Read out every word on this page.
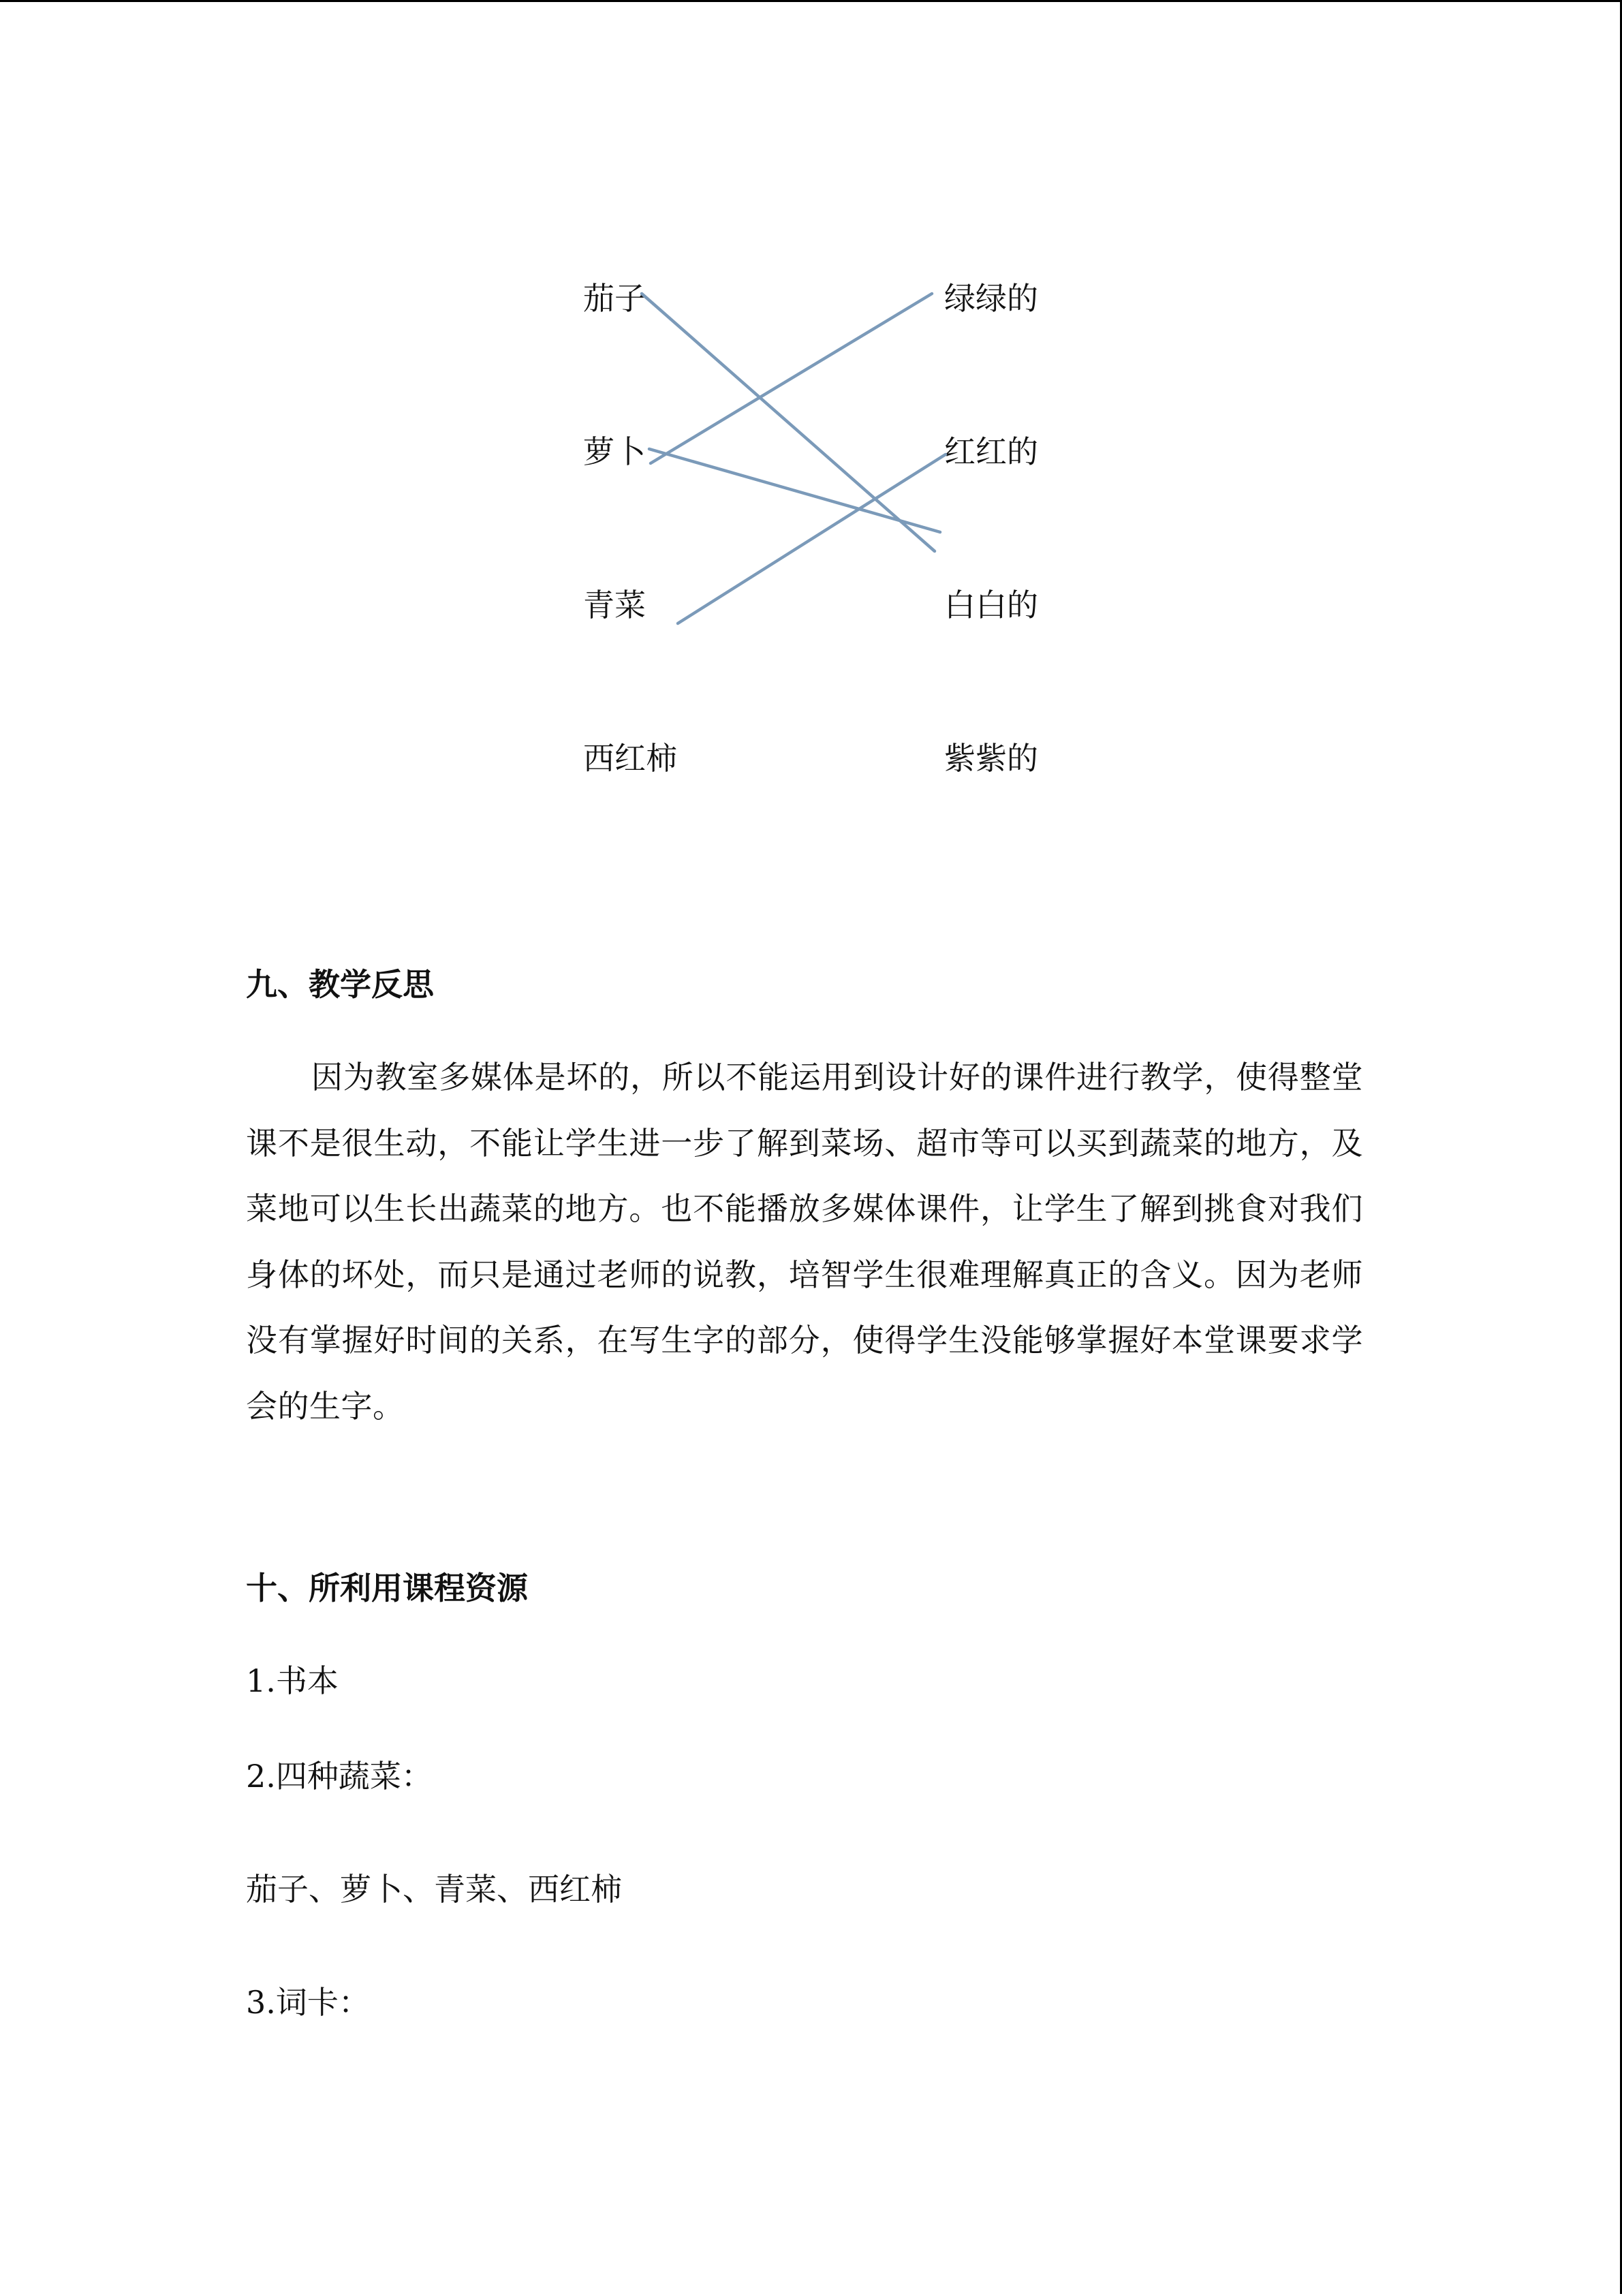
茄子
萝卜
青菜
西红柿
绿绿的
红红的
白白的
紫紫的
九、教学反思

因为教室多媒体是坏的，所以不能运用到设计好的课件进行教学，使得整堂课不是很生动，不能让学生进一步了解到菜场、超市等可以买到蔬菜的地方，及菜地可以生长出蔬菜的地方。也不能播放多媒体课件，让学生了解到挑食对我们身体的坏处，而只是通过老师的说教，培智学生很难理解真正的含义。因为老师没有掌握好时间的关系，在写生字的部分，使得学生没能够掌握好本堂课要求学会的生字。

十、所利用课程资源
1.书本
2.四种蔬菜：
茄子、萝卜、青菜、西红柿
3.词卡：
